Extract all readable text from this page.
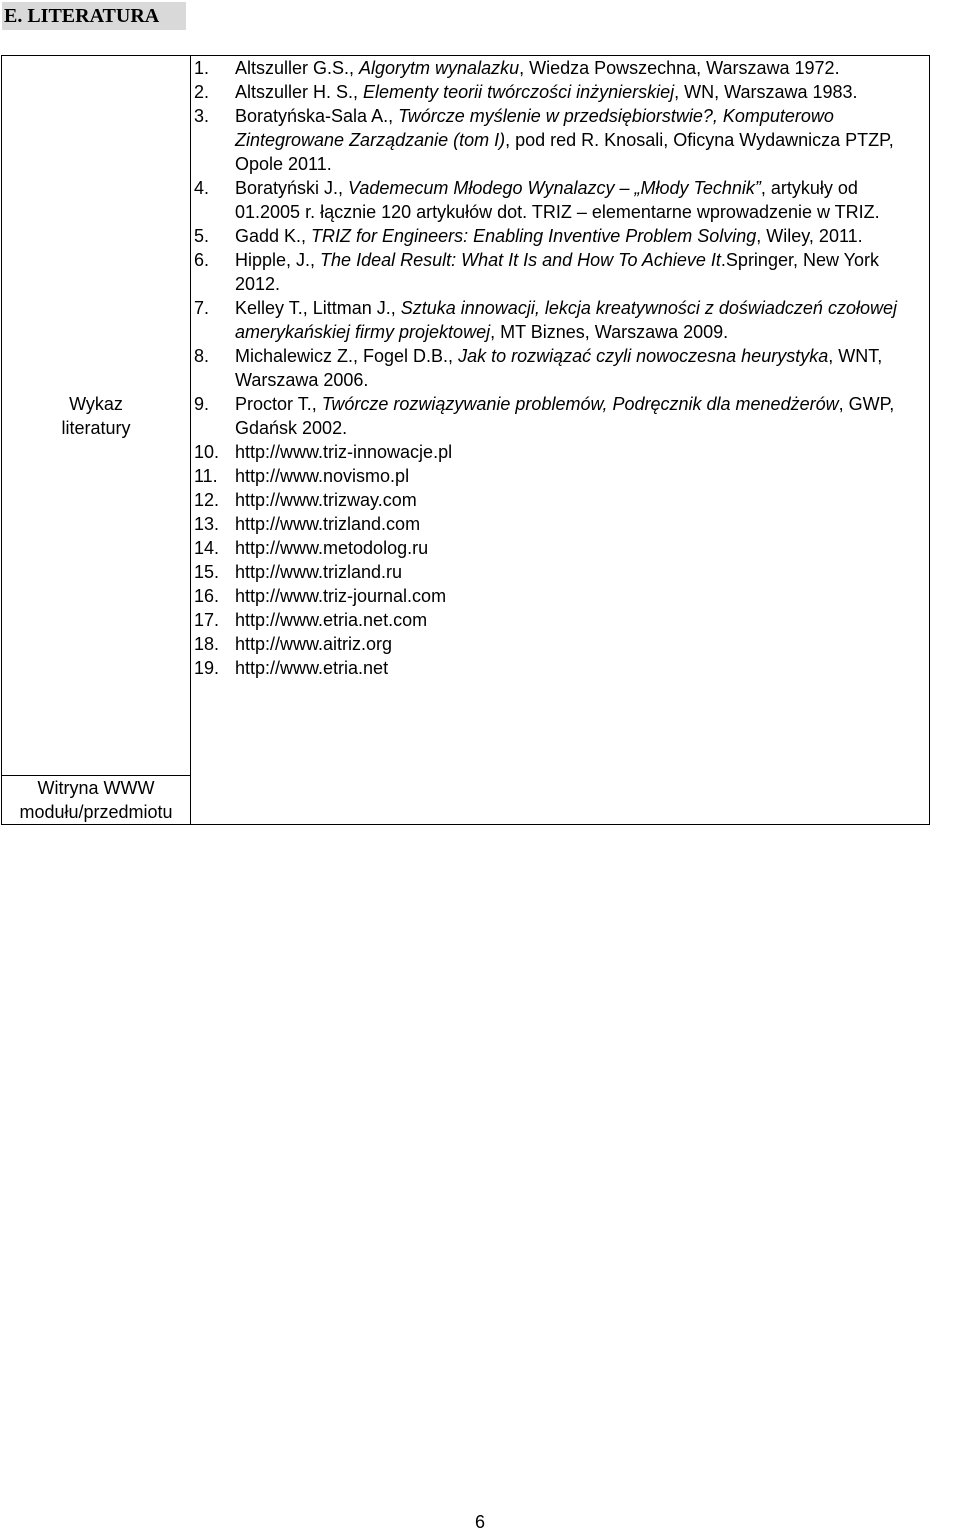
E. LITERATURA
Wykaz
literatury

1. Altszuller G.S., Algorytm wynalazku, Wiedza Powszechna, Warszawa 1972.
2. Altszuller H. S., Elementy teorii twórczości inżynierskiej, WN, Warszawa 1983.
3. Boratyńska-Sala A., Twórcze myślenie w przedsiębiorstwie?, Komputerowo Zintegrowane Zarządzanie (tom I), pod red R. Knosali, Oficyna Wydawnicza PTZP, Opole 2011.
4. Boratyński J., Vademecum Młodego Wynalazcy – „Młody Technik”, artykuły od 01.2005 r. łącznie 120 artykułów dot. TRIZ – elementarne wprowadzenie w TRIZ.
5. Gadd K., TRIZ for Engineers: Enabling Inventive Problem Solving, Wiley, 2011.
6. Hipple, J., The Ideal Result: What It Is and How To Achieve It.Springer, New York 2012.
7. Kelley T., Littman J., Sztuka innowacji, lekcja kreatywności z doświadczeń czołowej amerykańskiej firmy projektowej, MT Biznes, Warszawa 2009.
8. Michalewicz Z., Fogel D.B., Jak to rozwiązać czyli nowoczesna heurystyka, WNT, Warszawa 2006.
9. Proctor T., Twórcze rozwiązywanie problemów, Podręcznik dla menedżerów, GWP, Gdańsk 2002.
10. http://www.triz-innowacje.pl
11. http://www.novismo.pl
12. http://www.trizway.com
13. http://www.trizland.com
14. http://www.metodolog.ru
15. http://www.trizland.ru
16. http://www.triz-journal.com
17. http://www.etria.net.com
18. http://www.aitriz.org
19. http://www.etria.net

Witryna WWW
modułu/przedmiotu
6
